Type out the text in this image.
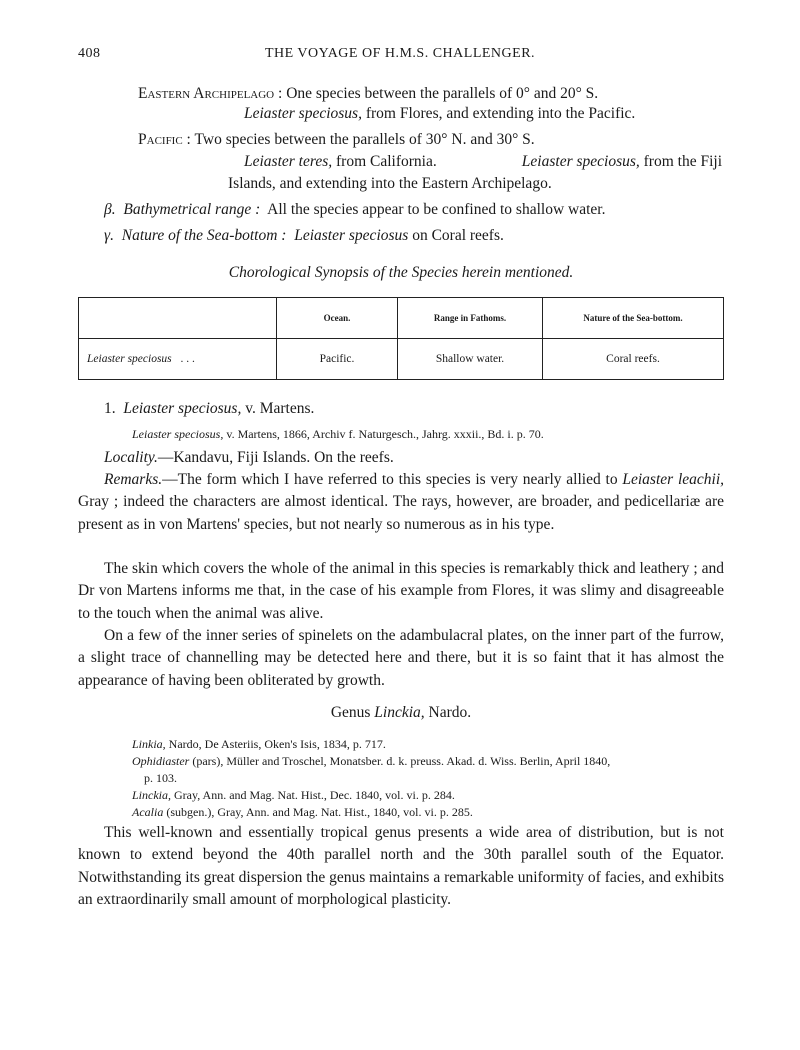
408	THE VOYAGE OF H.M.S. CHALLENGER.
Eastern Archipelago : One species between the parallels of 0° and 20° S.
Leiaster speciosus, from Flores, and extending into the Pacific.
Pacific : Two species between the parallels of 30° N. and 30° S.
Leiaster teres, from California.	Leiaster speciosus, from the Fiji
Islands, and extending into the Eastern Archipelago.
β. Bathymetrical range : All the species appear to be confined to shallow water.
γ. Nature of the Sea-bottom : Leiaster speciosus on Coral reefs.
Chorological Synopsis of the Species herein mentioned.
	Ocean.	Range in Fathoms.	Nature of the Sea-bottom.
Leiaster speciosus . . .	Pacific.	Shallow water.	Coral reefs.
1. Leiaster speciosus, v. Martens.
Leiaster speciosus, v. Martens, 1866, Archiv f. Naturgesch., Jahrg. xxxii., Bd. i. p. 70.
Locality.—Kandavu, Fiji Islands. On the reefs.

Remarks.—The form which I have referred to this species is very nearly allied to Leiaster leachii, Gray ; indeed the characters are almost identical. The rays, however, are broader, and pedicellariæ are present as in von Martens' species, but not nearly so numerous as in his type.

The skin which covers the whole of the animal in this species is remarkably thick and leathery ; and Dr von Martens informs me that, in the case of his example from Flores, it was slimy and disagreeable to the touch when the animal was alive.

On a few of the inner series of spinelets on the adambulacral plates, on the inner part of the furrow, a slight trace of channelling may be detected here and there, but it is so faint that it has almost the appearance of having been obliterated by growth.

Genus Linckia, Nardo.
Linkia, Nardo, De Asteriis, Oken's Isis, 1834, p. 717.
Ophidiaster (pars), Müller and Troschel, Monatsber. d. k. preuss. Akad. d. Wiss. Berlin, April 1840,
p. 103.
Linckia, Gray, Ann. and Mag. Nat. Hist., Dec. 1840, vol. vi. p. 284.
Acalia (subgen.), Gray, Ann. and Mag. Nat. Hist., 1840, vol. vi. p. 285.

This well-known and essentially tropical genus presents a wide area of distribution, but is not known to extend beyond the 40th parallel north and the 30th parallel south of the Equator. Notwithstanding its great dispersion the genus maintains a remarkable uniformity of facies, and exhibits an extraordinarily small amount of morphological plasticity.
